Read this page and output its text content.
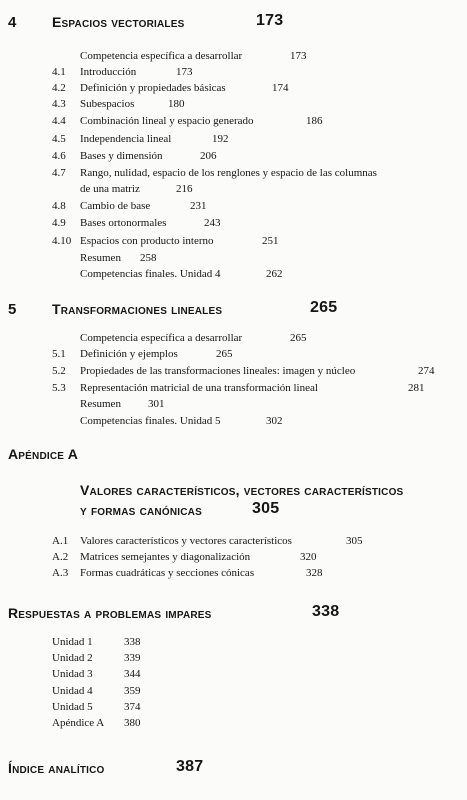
4	Espacios vectoriales	173
Competencia específica a desarrollar	173
4.1 Introducción	173
4.2 Definición y propiedades básicas	174
4.3 Subespacios	180
4.4 Combinación lineal y espacio generado	186
4.5 Independencia lineal	192
4.6 Bases y dimensión	206
4.7 Rango, nulidad, espacio de los renglones y espacio de las columnas
de una matriz	216
4.8 Cambio de base	231
4.9 Bases ortonormales	243
4.10 Espacios con producto interno	251
Resumen 258
Competencias finales. Unidad 4	262
5	Transformaciones lineales	265
Competencia específica a desarrollar	265
5.1 Definición y ejemplos	265
5.2 Propiedades de las transformaciones lineales: imagen y núcleo	274
5.3 Representación matricial de una transformación lineal	281
Resumen 301
Competencias finales. Unidad 5	302
Apéndice A
Valores característicos, vectores característicos
y formas canónicas	305
A.1 Valores característicos y vectores característicos	305
A.2 Matrices semejantes y diagonalización	320
A.3 Formas cuadráticas y secciones cónicas	328
Respuestas a problemas impares	338
Unidad 1	338
Unidad 2	339
Unidad 3	344
Unidad 4	359
Unidad 5	374
Apéndice A 380
Índice analítico	387
